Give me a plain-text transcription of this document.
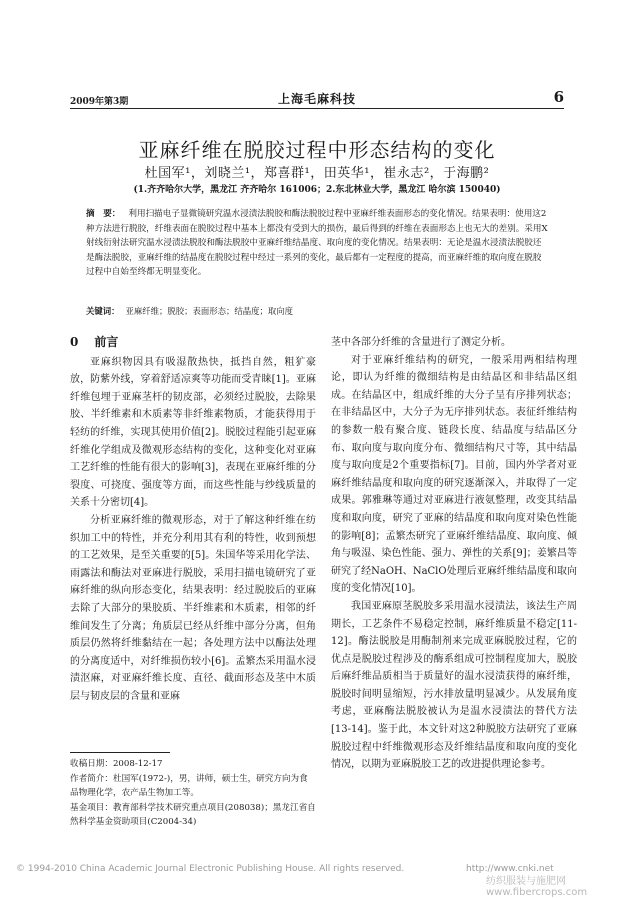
2009年第3期	上海毛麻科技	6
亚麻纤维在脱胶过程中形态结构的变化
杜国军¹，刘晓兰¹，郑喜群¹，田英华¹，崔永志²，于海鹏²
(1.齐齐哈尔大学，黑龙江 齐齐哈尔 161006；2.东北林业大学，黑龙江 哈尔滨 150040)
摘　要： 利用扫描电子显微镜研究温水浸渍法脱胶和酶法脱胶过程中亚麻纤维表面形态的变化情况。结果表明：使用这2种方法进行脱胶，纤维表面在脱胶过程中基本上都没有受到大的损伤，最后得到的纤维在表面形态上也无大的差别。采用X射线衍射法研究温水浸渍法脱胶和酶法脱胶中亚麻纤维结晶度、取向度的变化情况。结果表明：无论是温水浸渍法脱胶还是酶法脱胶，亚麻纤维的结晶度在脱胶过程中经过一系列的变化，最后都有一定程度的提高，而亚麻纤维的取向度在脱胶过程中自始至终都无明显变化。
关键词： 亚麻纤维；脱胶；表面形态；结晶度；取向度
0 前言

亚麻织物因具有吸湿散热快，抵挡自然，粗犷豪放，防紫外线，穿着舒适凉爽等功能而受青睐[1]。亚麻纤维包埋于亚麻茎杆的韧皮部，必须经过脱胶，去除果胶、半纤维素和木质素等非纤维素物质，才能获得用于轻纺的纤维，实现其使用价值[2]。脱胶过程能引起亚麻纤维化学组成及微观形态结构的变化，这种变化对亚麻工艺纤维的性能有很大的影响[3]，表现在亚麻纤维的分裂度、可挠度、强度等方面，而这些性能与纱线质量的关系十分密切[4]。

分析亚麻纤维的微观形态，对于了解这种纤维在纺织加工中的特性，并充分利用其有利的特性，收到预想的工艺效果，是至关重要的[5]。朱国华等采用化学法、雨露法和酶法对亚麻进行脱胶，采用扫描电镜研究了亚麻纤维的纵向形态变化，结果表明：经过脱胶后的亚麻去除了大部分的果胶质、半纤维素和木质素，相邻的纤维间发生了分离；角质层已经从纤维中部分分离，但角质层仍然将纤维黏结在一起；各处理方法中以酶法处理的分离度适中，对纤维损伤较小[6]。孟繁杰采用温水浸渍沤麻，对亚麻纤维长度、直径、截面形态及茎中木质层与韧皮层的含量和亚麻

茎中各部分纤维的含量进行了测定分析。

对于亚麻纤维结构的研究，一般采用两相结构理论，即认为纤维的微细结构是由结晶区和非结晶区组成。在结晶区中，组成纤维的大分子呈有序排列状态；在非结晶区中，大分子为无序排列状态。表征纤维结构的参数一般有聚合度、链段长度、结晶度与结晶区分布、取向度与取向度分布、微细结构尺寸等，其中结晶度与取向度是2个重要指标[7]。目前，国内外学者对亚麻纤维结晶度和取向度的研究逐渐深入，并取得了一定成果。郭雅琳等通过对亚麻进行液氨整理，改变其结晶度和取向度，研究了亚麻的结晶度和取向度对染色性能的影响[8]；孟繁杰研究了亚麻纤维结晶度、取向度、倾角与吸湿、染色性能、强力、弹性的关系[9]；姜繁昌等研究了经NaOH、NaClO处理后亚麻纤维结晶度和取向度的变化情况[10]。

我国亚麻原茎脱胶多采用温水浸渍法，该法生产周期长，工艺条件不易稳定控制，麻纤维质量不稳定[11-12]。酶法脱胶是用酶制剂来完成亚麻脱胶过程，它的优点是脱胶过程涉及的酶系组成可控制程度加大，脱胶后麻纤维品质相当于质量好的温水浸渍获得的麻纤维，脱胶时间明显缩短，污水排放量明显减少。从发展角度考虑，亚麻酶法脱胶被认为是温水浸渍法的替代方法[13-14]。鉴于此，本文针对这2种脱胶方法研究了亚麻脱胶过程中纤维微观形态及纤维结晶度和取向度的变化情况，以期为亚麻脱胶工艺的改进提供理论参考。

收稿日期：2008-12-17
作者简介：杜国军(1972-)，男，讲师，硕士生，研究方向为食品物理化学，农产品生物加工等。
基金项目：教育部科学技术研究重点项目(208038)；黑龙江省自然科学基金资助项目(C2004-34)
© 1994-2010 China Academic Journal Electronic Publishing House. All rights reserved.	http://www.cnki.net
纺织服装与施肥网 www.fibercrops.com
